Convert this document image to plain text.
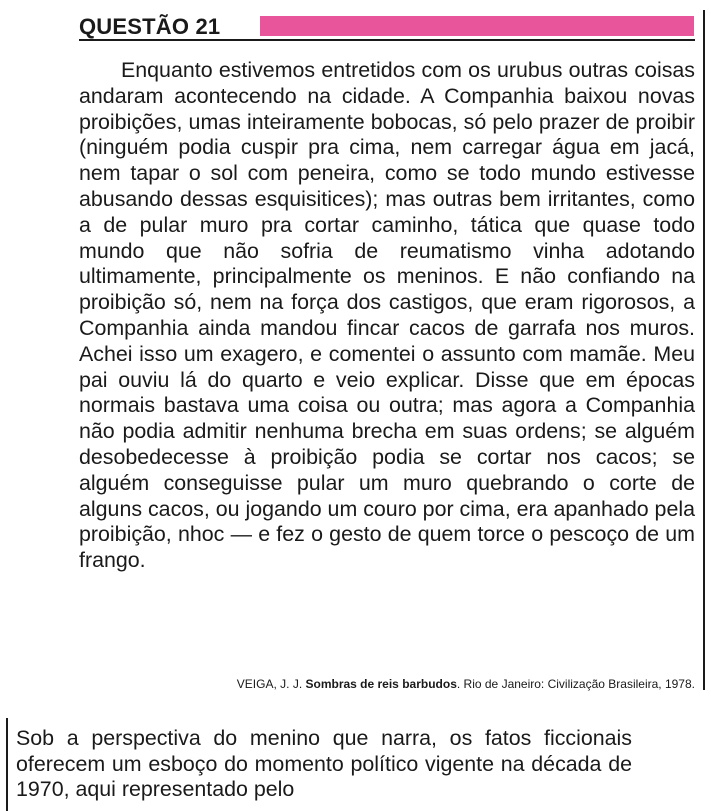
QUESTÃO 21

Enquanto estivemos entretidos com os urubus outras coisas andaram acontecendo na cidade. A Companhia baixou novas proibições, umas inteiramente bobocas, só pelo prazer de proibir (ninguém podia cuspir pra cima, nem carregar água em jacá, nem tapar o sol com peneira, como se todo mundo estivesse abusando dessas esquisitices); mas outras bem irritantes, como a de pular muro pra cortar caminho, tática que quase todo mundo que não sofria de reumatismo vinha adotando ultimamente, principalmente os meninos. E não confiando na proibição só, nem na força dos castigos, que eram rigorosos, a Companhia ainda mandou fincar cacos de garrafa nos muros. Achei isso um exagero, e comentei o assunto com mamãe. Meu pai ouviu lá do quarto e veio explicar. Disse que em épocas normais bastava uma coisa ou outra; mas agora a Companhia não podia admitir nenhuma brecha em suas ordens; se alguém desobedecesse à proibição podia se cortar nos cacos; se alguém conseguisse pular um muro quebrando o corte de alguns cacos, ou jogando um couro por cima, era apanhado pela proibição, nhoc — e fez o gesto de quem torce o pescoço de um frango.

VEIGA, J. J. Sombras de reis barbudos. Rio de Janeiro: Civilização Brasileira, 1978.

Sob a perspectiva do menino que narra, os fatos ficcionais oferecem um esboço do momento político vigente na década de 1970, aqui representado pelo
